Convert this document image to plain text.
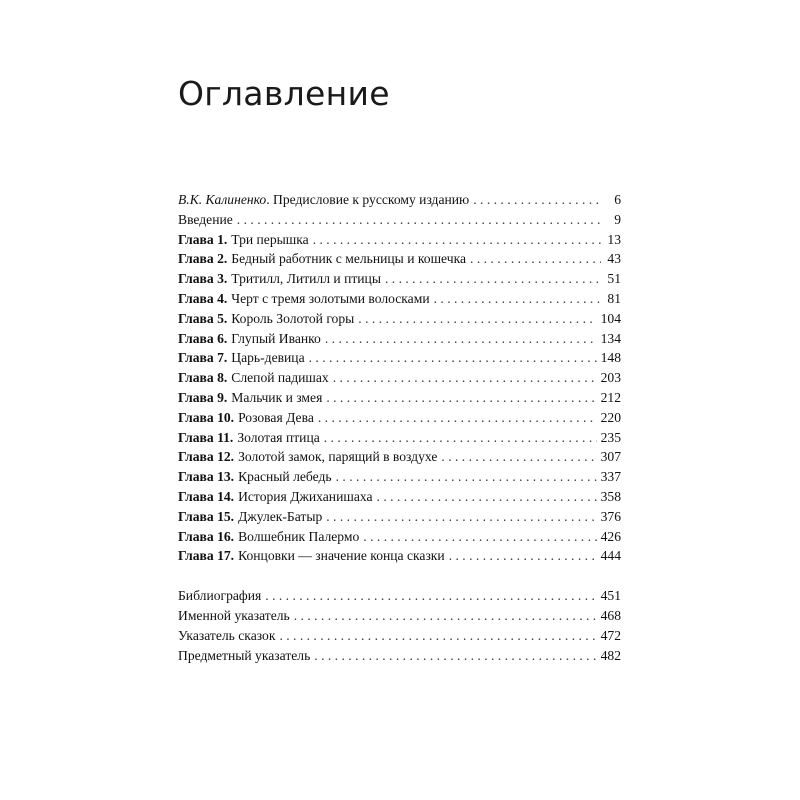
Оглавление
В.К. Калиненко. Предисловие к русскому изданию . . .	6
Введение . . .	9
Глава 1. Три перышка . . .	13
Глава 2. Бедный работник с мельницы и кошечка . . .	43
Глава 3. Тритилл, Литилл и птицы . . .	51
Глава 4. Черт с тремя золотыми волосками . . .	81
Глава 5. Король Золотой горы . . .	104
Глава 6. Глупый Иванко . . .	134
Глава 7. Царь-девица . . .	148
Глава 8. Слепой падишах . . .	203
Глава 9. Мальчик и змея . . .	212
Глава 10. Розовая Дева . . .	220
Глава 11. Золотая птица . . .	235
Глава 12. Золотой замок, парящий в воздухе . . .	307
Глава 13. Красный лебедь . . .	337
Глава 14. История Джиханишаха . . .	358
Глава 15. Джулек-Батыр . . .	376
Глава 16. Волшебник Палермо . . .	426
Глава 17. Концовки — значение конца сказки . . .	444
Библиография . . .	451
Именной указатель . . .	468
Указатель сказок . . .	472
Предметный указатель . . .	482
